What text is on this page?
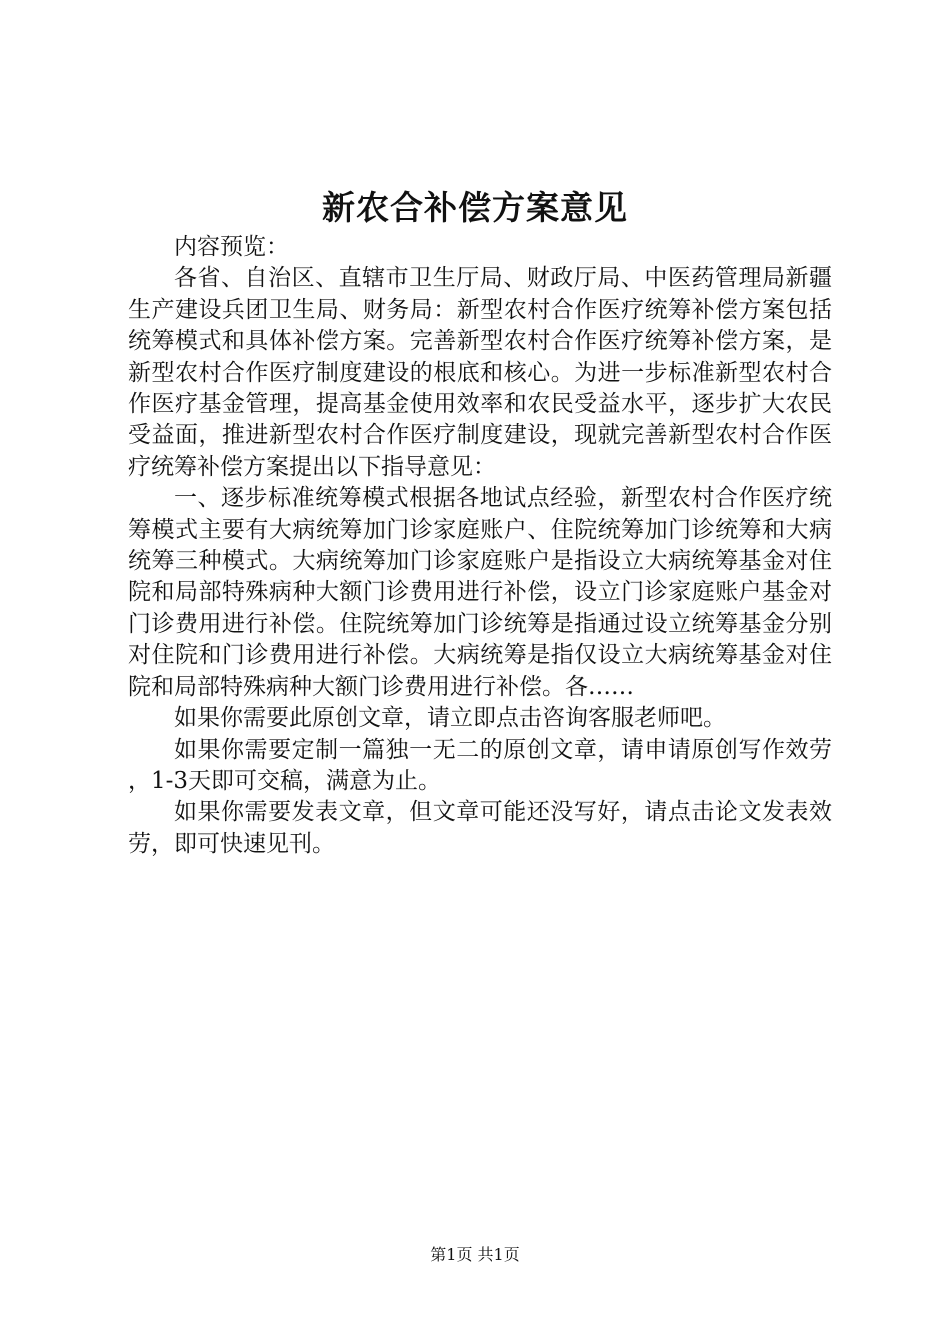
新农合补偿方案意见

内容预览：

各省、自治区、直辖市卫生厅局、财政厅局、中医药管理局新疆生产建设兵团卫生局、财务局：新型农村合作医疗统筹补偿方案包括统筹模式和具体补偿方案。完善新型农村合作医疗统筹补偿方案，是新型农村合作医疗制度建设的根底和核心。为进一步标准新型农村合作医疗基金管理，提高基金使用效率和农民受益水平，逐步扩大农民受益面，推进新型农村合作医疗制度建设，现就完善新型农村合作医疗统筹补偿方案提出以下指导意见：

一、逐步标准统筹模式根据各地试点经验，新型农村合作医疗统筹模式主要有大病统筹加门诊家庭账户、住院统筹加门诊统筹和大病统筹三种模式。大病统筹加门诊家庭账户是指设立大病统筹基金对住院和局部特殊病种大额门诊费用进行补偿，设立门诊家庭账户基金对门诊费用进行补偿。住院统筹加门诊统筹是指通过设立统筹基金分别对住院和门诊费用进行补偿。大病统筹是指仅设立大病统筹基金对住院和局部特殊病种大额门诊费用进行补偿。各……

如果你需要此原创文章，请立即点击咨询客服老师吧。

如果你需要定制一篇独一无二的原创文章，请申请原创写作效劳，1-3天即可交稿，满意为止。

如果你需要发表文章，但文章可能还没写好，请点击论文发表效劳，即可快速见刊。

第1页 共1页
